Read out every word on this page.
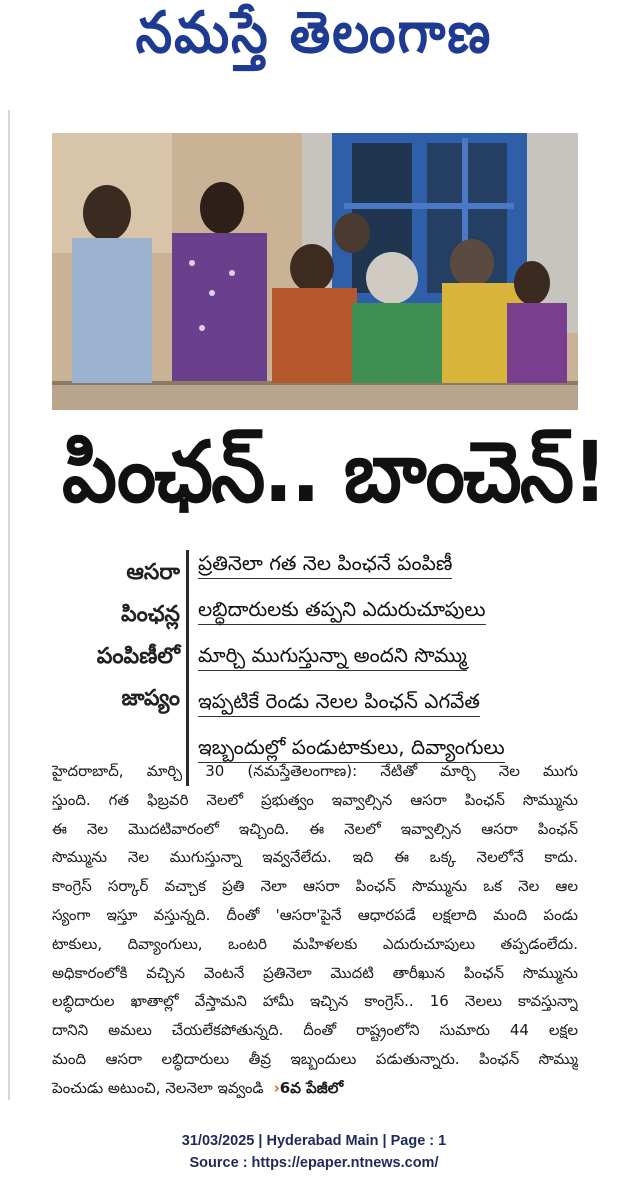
నమస్తే తెలంగాణ
పింఛన్.. బాంచెన్!
ఆసరా
పింఛన్ల
పంపిణీలో
జాప్యం
ప్రతినెలా గత నెల పింఛనే పంపిణీ
లబ్ధిదారులకు తప్పని ఎదురుచూపులు
మార్చి ముగుస్తున్నా అందని సొమ్ము
ఇప్పటికే రెండు నెలల పింఛన్ ఎగవేత
ఇబ్బందుల్లో పండుటాకులు, దివ్యాంగులు
హైదరాబాద్, మార్చి 30 (నమస్తేతెలంగాణ): నేటితో మార్చి నెల ముగు
స్తుంది. గత ఫిబ్రవరి నెలలో ప్రభుత్వం ఇవ్వాల్సిన ఆసరా పింఛన్ సొమ్మును
ఈ నెల మొదటివారంలో ఇచ్చింది. ఈ నెలలో ఇవ్వాల్సిన ఆసరా పింఛన్
సొమ్మును నెల ముగుస్తున్నా ఇవ్వనేలేదు. ఇది ఈ ఒక్క నెలలోనే కాదు.
కాంగ్రెస్ సర్కార్ వచ్చాక ప్రతి నెలా ఆసరా పింఛన్ సొమ్మును ఒక నెల ఆల
స్యంగా ఇస్తూ వస్తున్నది. దీంతో 'ఆసరా'పైనే ఆధారపడే లక్షలాది మంది పండు
టాకులు, దివ్యాంగులు, ఒంటరి మహిళలకు ఎదురుచూపులు తప్పడంలేదు.
అధికారంలోకి వచ్చిన వెంటనే ప్రతినెలా మొదటి తారీఖున పింఛన్ సొమ్మును
లబ్ధిదారుల ఖాతాల్లో వేస్తామని హామీ ఇచ్చిన కాంగ్రెస్.. 16 నెలలు కావస్తున్నా
దానిని అమలు చేయలేకపోతున్నది. దీంతో రాష్ట్రంలోని సుమారు 44 లక్షల
మంది ఆసరా లబ్ధిదారులు తీవ్ర ఇబ్బందులు పడుతున్నారు. పింఛన్ సొమ్ము
పెంచుడు అటుంచి, నెలనెలా ఇవ్వండి  ›6వ పేజీలో
31/03/2025 | Hyderabad Main | Page : 1
Source : https://epaper.ntnews.com/
